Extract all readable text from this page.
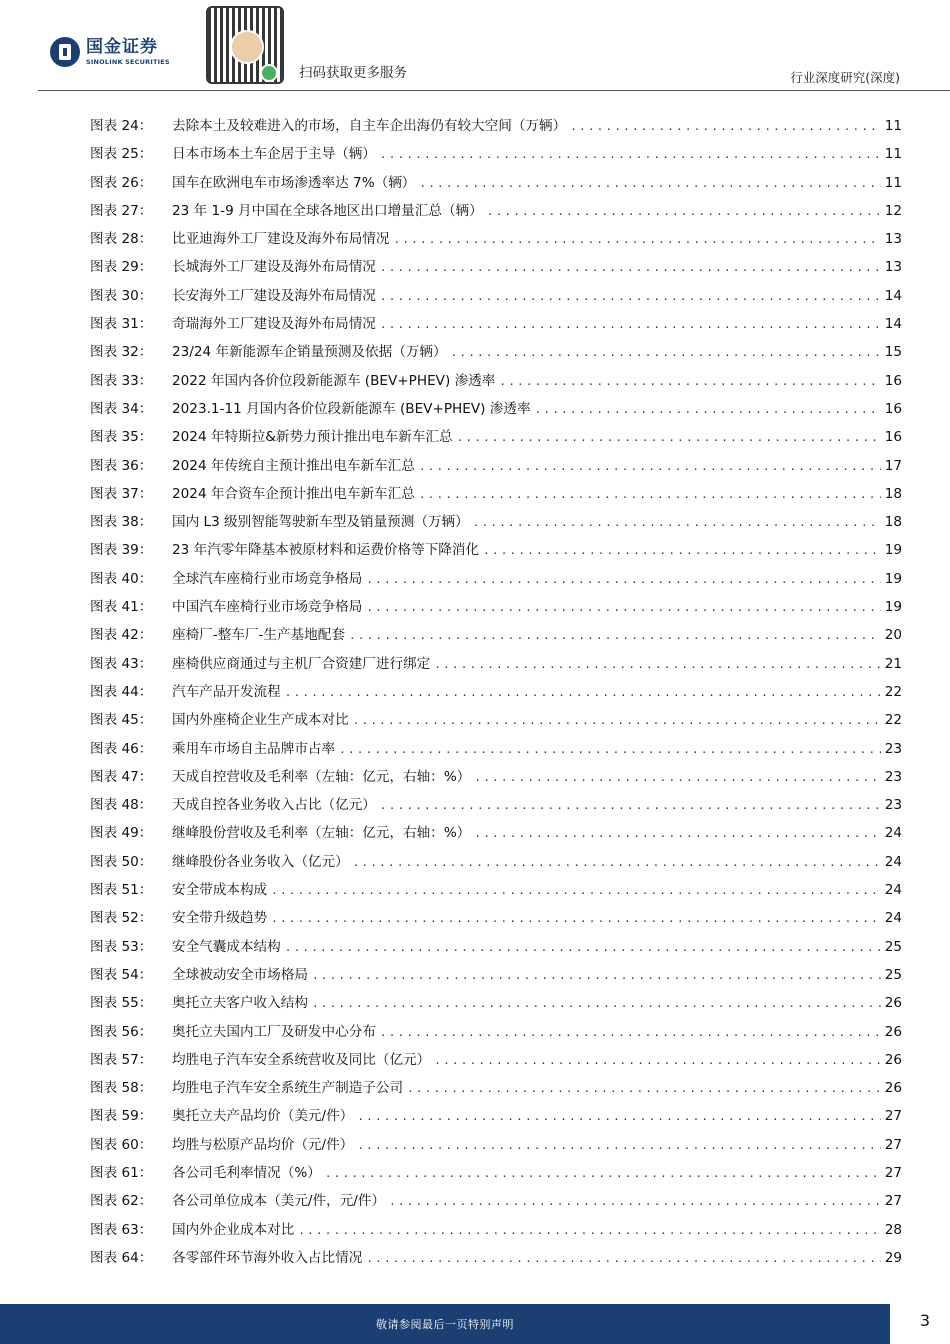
国金证券
SINOLINK SECURITIES
扫码获取更多服务	行业深度研究(深度)
图表 24：	去除本土及较难进入的市场，自主车企出海仍有较大空间（万辆） .....	11
图表 25：	日本市场本土车企居于主导（辆） .....	11
图表 26：	国车在欧洲电车市场渗透率达 7%（辆） .....	11
图表 27：	23 年 1-9 月中国在全球各地区出口增量汇总（辆） .....	12
图表 28：	比亚迪海外工厂建设及海外布局情况 .....	13
图表 29：	长城海外工厂建设及海外布局情况 .....	13
图表 30：	长安海外工厂建设及海外布局情况 .....	14
图表 31：	奇瑞海外工厂建设及海外布局情况 .....	14
图表 32：	23/24 年新能源车企销量预测及依据（万辆） .....	15
图表 33：	2022 年国内各价位段新能源车 (BEV+PHEV) 渗透率 .....	16
图表 34：	2023.1-11 月国内各价位段新能源车 (BEV+PHEV) 渗透率 .....	16
图表 35：	2024 年特斯拉&新势力预计推出电车新车汇总 .....	16
图表 36：	2024 年传统自主预计推出电车新车汇总 .....	17
图表 37：	2024 年合资车企预计推出电车新车汇总 .....	18
图表 38：	国内 L3 级别智能驾驶新车型及销量预测（万辆） .....	18
图表 39：	23 年汽零年降基本被原材料和运费价格等下降消化 .....	19
图表 40：	全球汽车座椅行业市场竞争格局 .....	19
图表 41：	中国汽车座椅行业市场竞争格局 .....	19
图表 42：	座椅厂-整车厂-生产基地配套 .....	20
图表 43：	座椅供应商通过与主机厂合资建厂进行绑定 .....	21
图表 44：	汽车产品开发流程 .....	22
图表 45：	国内外座椅企业生产成本对比 .....	22
图表 46：	乘用车市场自主品牌市占率 .....	23
图表 47：	天成自控营收及毛利率（左轴：亿元，右轴：%） .....	23
图表 48：	天成自控各业务收入占比（亿元） .....	23
图表 49：	继峰股份营收及毛利率（左轴：亿元，右轴：%） .....	24
图表 50：	继峰股份各业务收入（亿元） .....	24
图表 51：	安全带成本构成 .....	24
图表 52：	安全带升级趋势 .....	24
图表 53：	安全气囊成本结构 .....	25
图表 54：	全球被动安全市场格局 .....	25
图表 55：	奥托立夫客户收入结构 .....	26
图表 56：	奥托立夫国内工厂及研发中心分布 .....	26
图表 57：	均胜电子汽车安全系统营收及同比（亿元） .....	26
图表 58：	均胜电子汽车安全系统生产制造子公司 .....	26
图表 59：	奥托立夫产品均价（美元/件） .....	27
图表 60：	均胜与松原产品均价（元/件） .....	27
图表 61：	各公司毛利率情况（%） .....	27
图表 62：	各公司单位成本（美元/件，元/件） .....	27
图表 63：	国内外企业成本对比 .....	28
图表 64：	各零部件环节海外收入占比情况 .....	29
敬请参阅最后一页特别声明	3
